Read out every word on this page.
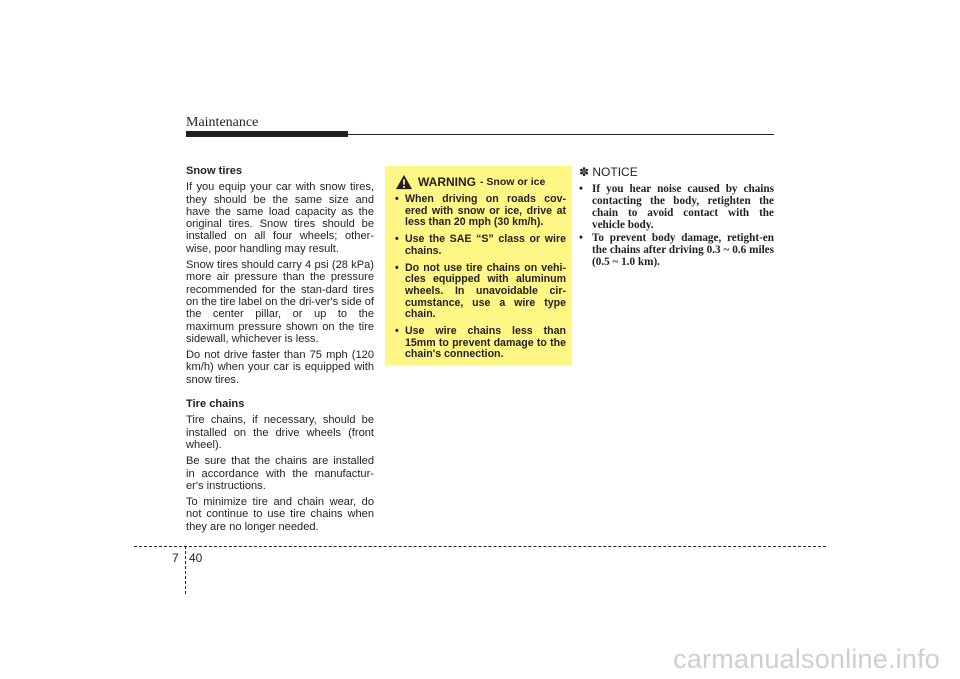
Maintenance
Snow tires

If you equip your car with snow tires, they should be the same size and have the same load capacity as the original tires. Snow tires should be installed on all four wheels; other-wise, poor handling may result.

Snow tires should carry 4 psi (28 kPa) more air pressure than the pressure recommended for the stan-dard tires on the tire label on the dri-ver's side of the center pillar, or up to the maximum pressure shown on the tire sidewall, whichever is less.

Do not drive faster than 75 mph (120 km/h) when your car is equipped with snow tires.

Tire chains

Tire chains, if necessary, should be installed on the drive wheels (front wheel).

Be sure that the chains are installed in accordance with the manufactur-er's instructions.

To minimize tire and chain wear, do not continue to use tire chains when they are no longer needed.

WARNING - Snow or ice
• When driving on roads cov-ered with snow or ice, drive at less than 20 mph (30 km/h).
• Use the SAE “S” class or wire chains.
• Do not use tire chains on vehi-cles equipped with aluminum wheels. In unavoidable cir-cumstance, use a wire type chain.
• Use wire chains less than 15mm to prevent damage to the chain's connection.
✽ NOTICE
• If you hear noise caused by chains contacting the body, retighten the chain to avoid contact with the vehicle body.
• To prevent body damage, retight-en the chains after driving 0.3 ~ 0.6 miles (0.5 ~ 1.0 km).
7 40
carmanualsonline.info
